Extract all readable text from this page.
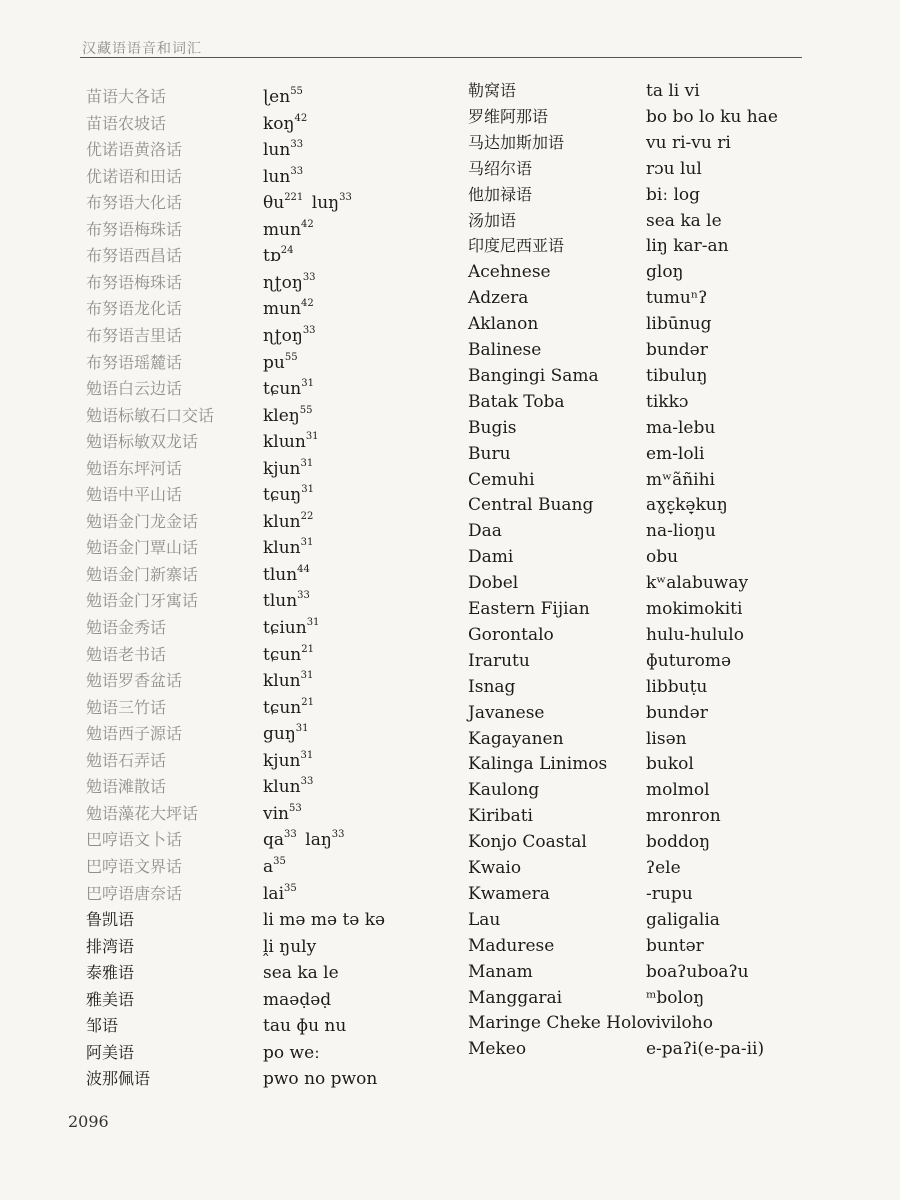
汉藏语语音和词汇
苗语大各话
苗语农坡话
优诺语黄洛话
优诺语和田话
布努语大化话
布努语梅珠话
布努语西昌话
布努语梅珠话
布努语龙化话
布努语吉里话
布努语瑶麓话
勉语白云边话
勉语标敏石口交话
勉语标敏双龙话
勉语东坪河话
勉语中平山话
勉语金门龙金话
勉语金门覃山话
勉语金门新寨话
勉语金门牙寓话
勉语金秀话
勉语老书话
勉语罗香盆话
勉语三竹话
勉语西子源话
勉语石弄话
勉语滩散话
勉语藻花大坪话
巴哼语文卜话
巴哼语文界话
巴哼语唐奈话
鲁凯语
排湾语
泰雅语
雅美语
邹语
阿美语
波那佩语
ɭen$^{55}$
koŋ$^{42}$
lun$^{33}$
lun$^{33}$
$\theta u^{221}$  luŋ$^{33}$
mun$^{42}$
tɒ$^{24}$
ɳʈoŋ$^{33}$
mun$^{42}$
ɳʈoŋ$^{33}$
$pu^{55}$
tɕun$^{31}$
kleŋ$^{55}$
klɯn$^{31}$
kjun$^{31}$
tɕuŋ$^{31}$
klun$^{22}$
klun$^{31}$
tlun$^{44}$
tlun$^{33}$
tɕiun$^{31}$
tɕun$^{21}$
klun$^{31}$
tɕun$^{21}$
guŋ$^{31}$
kjun$^{31}$
klun$^{33}$
vin$^{53}$
$qa^{33}$  laŋ$^{33}$
$a^{35}$
lai$^{35}$
li mə mə tə kə
ḽi ŋuly
sea ka le
maəḍəḍ
tau ɸu nu
po weː
pwo no pwon
勒窝语
罗维阿那语
马达加斯加语
马绍尔语
他加禄语
汤加语
印度尼西亚语
Acehnese
Adzera
Aklanon
Balinese
Bangingi Sama
Batak Toba
Bugis
Buru
Cemuhi
Central Buang
Daa
Dami
Dobel
Eastern Fijian
Gorontalo
Irarutu
Isnag
Javanese
Kagayanen
Kalinga Linimos
Kaulong
Kiribati
Konjo Coastal
Kwaio
Kwamera
Lau
Madurese
Manam
Manggarai
Maringe Cheke Holo
Mekeo
ta li vi
bo bo lo ku hae
vu ri-vu ri
rɔu lul
biː log
sea ka le
liŋ kar-an
gloŋ
tumuⁿʔ
libūnug
bundər
tibuluŋ
tikkɔ
ma-lebu
em-loli
mʷãñihi
aɣɛ̞kə̞kuŋ
na-lioŋu
obu
kʷalabuway
mokimokiti
hulu-hululo
ɸuturomə
libbuṭu
bundər
lisən
bukol
molmol
mronron
boddoŋ
ʔele
-rupu
galigalia
buntər
boaʔuboaʔu
ᵐboloŋ
viviloho
e-paʔi(e-pa-ii)
2096
